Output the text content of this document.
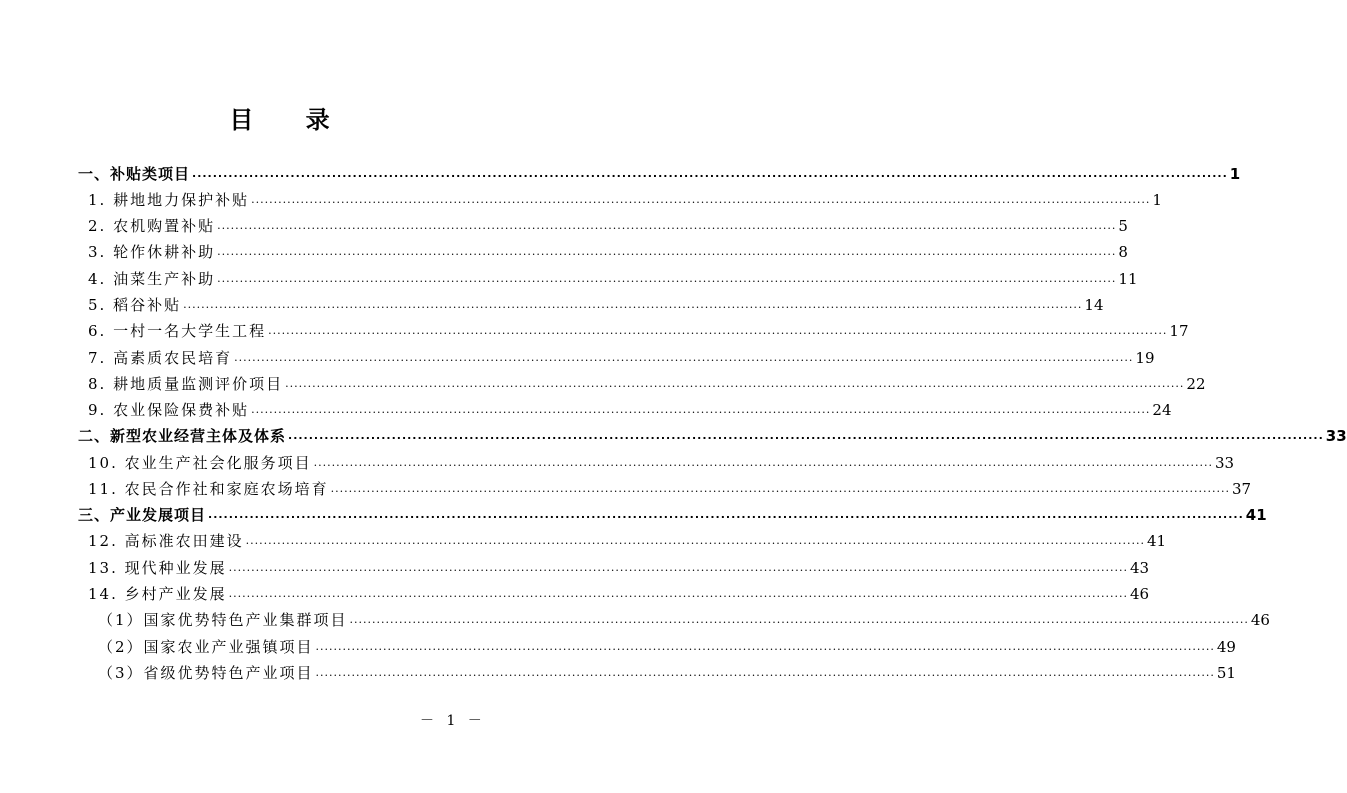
目 录
一、补贴类项目 ........................................................................................................................................................................................................ 1
1. 耕地地力保护补贴 ........................................................................................................................................................................................................ 1
2. 农机购置补贴 ........................................................................................................................................................................................................ 5
3. 轮作休耕补助 ........................................................................................................................................................................................................ 8
4. 油菜生产补助 ........................................................................................................................................................................................................ 11
5. 稻谷补贴 ........................................................................................................................................................................................................ 14
6. 一村一名大学生工程 ........................................................................................................................................................................................................ 17
7. 高素质农民培育 ........................................................................................................................................................................................................ 19
8. 耕地质量监测评价项目 ........................................................................................................................................................................................................ 22
9. 农业保险保费补贴 ........................................................................................................................................................................................................ 24
二、新型农业经营主体及体系 ........................................................................................................................................................................................................ 33
10. 农业生产社会化服务项目 ........................................................................................................................................................................................................ 33
11. 农民合作社和家庭农场培育 ........................................................................................................................................................................................................ 37
三、产业发展项目 ........................................................................................................................................................................................................ 41
12. 高标准农田建设 ........................................................................................................................................................................................................ 41
13. 现代种业发展 ........................................................................................................................................................................................................ 43
14. 乡村产业发展 ........................................................................................................................................................................................................ 46
（1）国家优势特色产业集群项目 ........................................................................................................................................................................................................ 46
（2）国家农业产业强镇项目 ........................................................................................................................................................................................................ 49
（3）省级优势特色产业项目 ........................................................................................................................................................................................................ 51
－ 1 －
